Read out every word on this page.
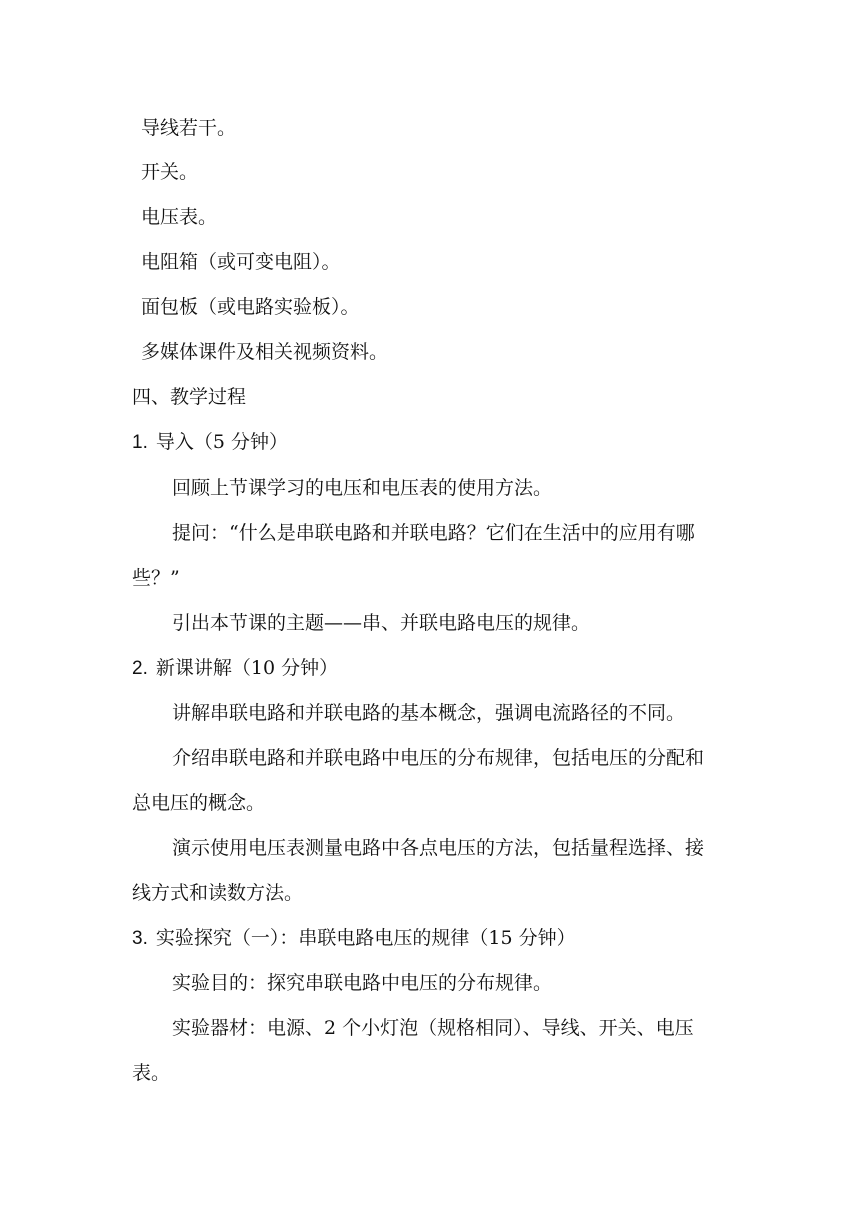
导线若干。
开关。
电压表。
电阻箱（或可变电阻）。
面包板（或电路实验板）。
多媒体课件及相关视频资料。
四、教学过程
1. 导入（5 分钟）
回顾上节课学习的电压和电压表的使用方法。
提问：“什么是串联电路和并联电路？它们在生活中的应用有哪
些？”
引出本节课的主题——串、并联电路电压的规律。
2. 新课讲解（10 分钟）
讲解串联电路和并联电路的基本概念，强调电流路径的不同。
介绍串联电路和并联电路中电压的分布规律，包括电压的分配和
总电压的概念。
演示使用电压表测量电路中各点电压的方法，包括量程选择、接
线方式和读数方法。
3. 实验探究（一）：串联电路电压的规律（15 分钟）
实验目的：探究串联电路中电压的分布规律。
实验器材：电源、2 个小灯泡（规格相同）、导线、开关、电压
表。
